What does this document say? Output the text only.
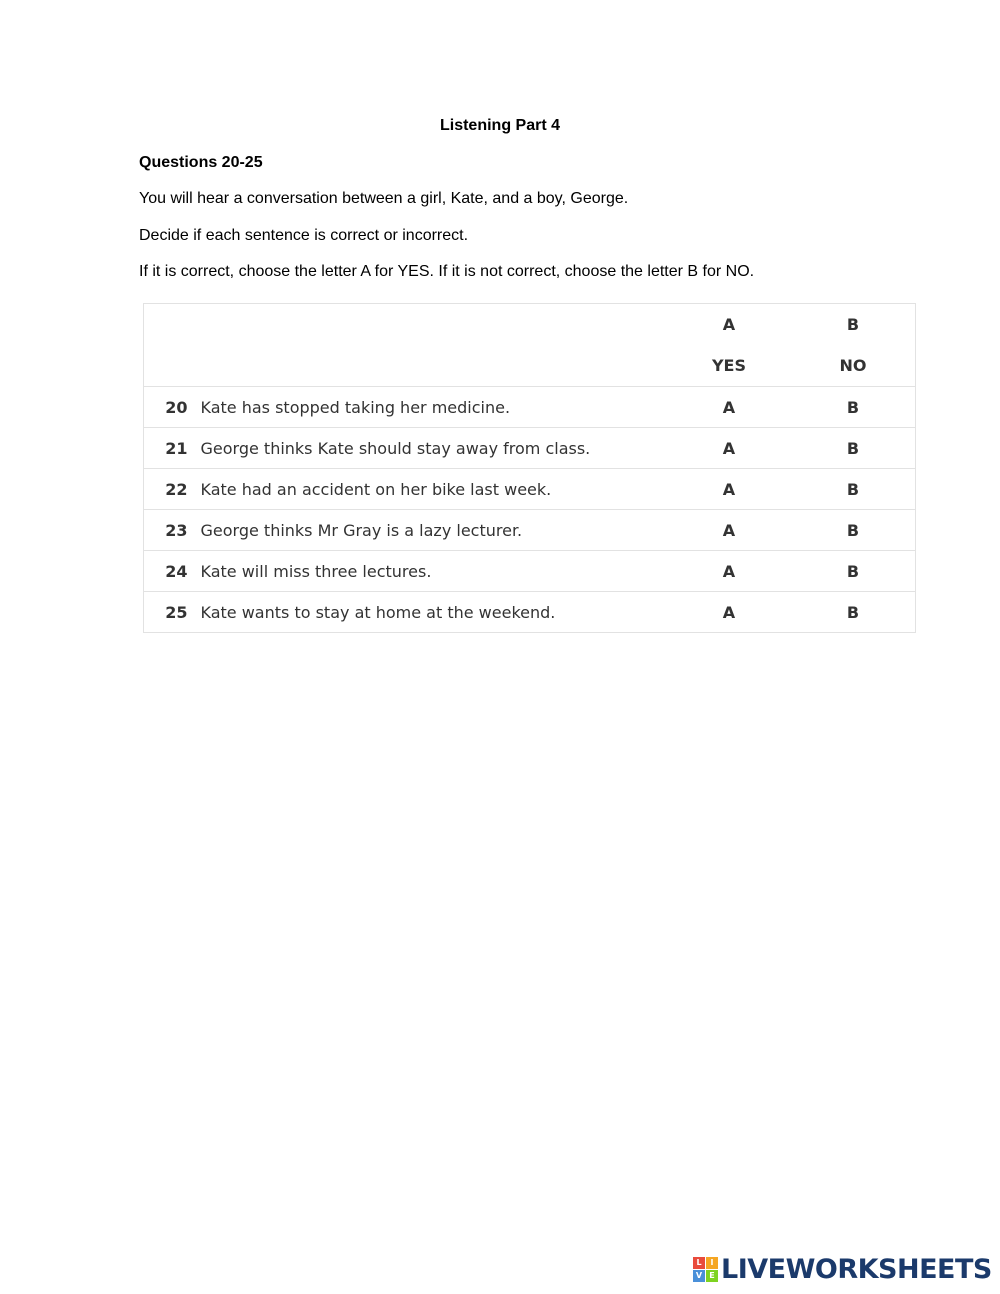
Listening Part 4
Questions 20-25
You will hear a conversation between a girl, Kate, and a boy, George.
Decide if each sentence is correct or incorrect.
If it is correct, choose the letter A for YES. If it is not correct, choose the letter B for NO.
		A	B
		YES	NO
20	Kate has stopped taking her medicine.	A	B
21	George thinks Kate should stay away from class.	A	B
22	Kate had an accident on her bike last week.	A	B
23	George thinks Mr Gray is a lazy lecturer.	A	B
24	Kate will miss three lectures.	A	B
25	Kate wants to stay at home at the weekend.	A	B
L	I
V E LIVEWORKSHEETS
